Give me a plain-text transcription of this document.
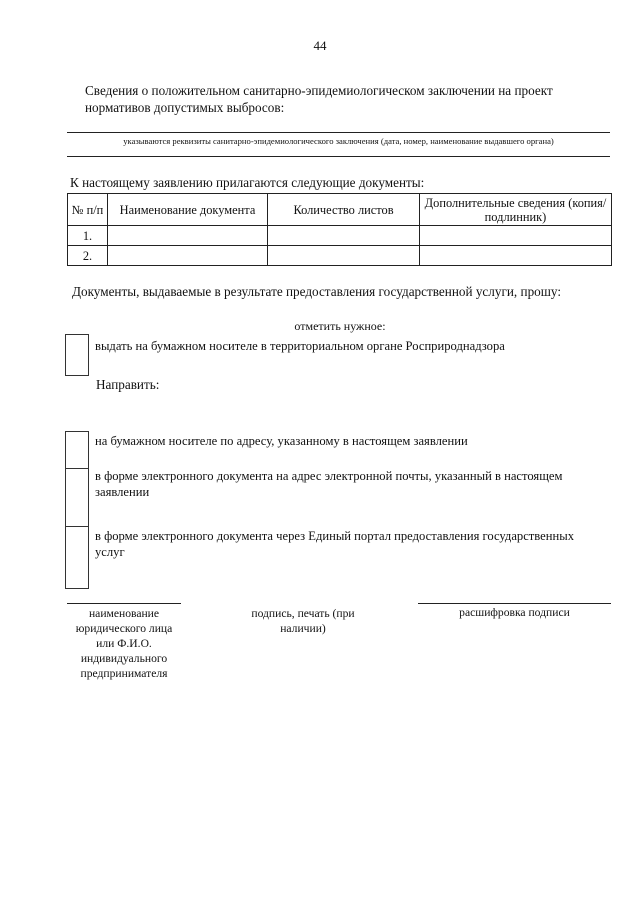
44
Сведения о положительном санитарно-эпидемиологическом заключении на проект нормативов допустимых выбросов:
указываются реквизиты санитарно-эпидемиологического заключения (дата, номер, наименование выдавшего органа)
К настоящему заявлению прилагаются следующие документы:
№ п/п	Наименование документа	Количество листов	Дополнительные сведения (копия/подлинник)
1.			
2.			
Документы, выдаваемые в результате предоставления государственной услуги, прошу:
отметить нужное:
выдать на бумажном носителе в территориальном органе Росприроднадзора
Направить:
на бумажном носителе по адресу, указанному в настоящем заявлении
в форме электронного документа на адрес электронной почты, указанный в настоящем заявлении
в форме электронного документа через Единый портал предоставления государственных услуг
наименование юридического лица или Ф.И.О. индивидуального предпринимателя
подпись, печать (при наличии)
расшифровка подписи
